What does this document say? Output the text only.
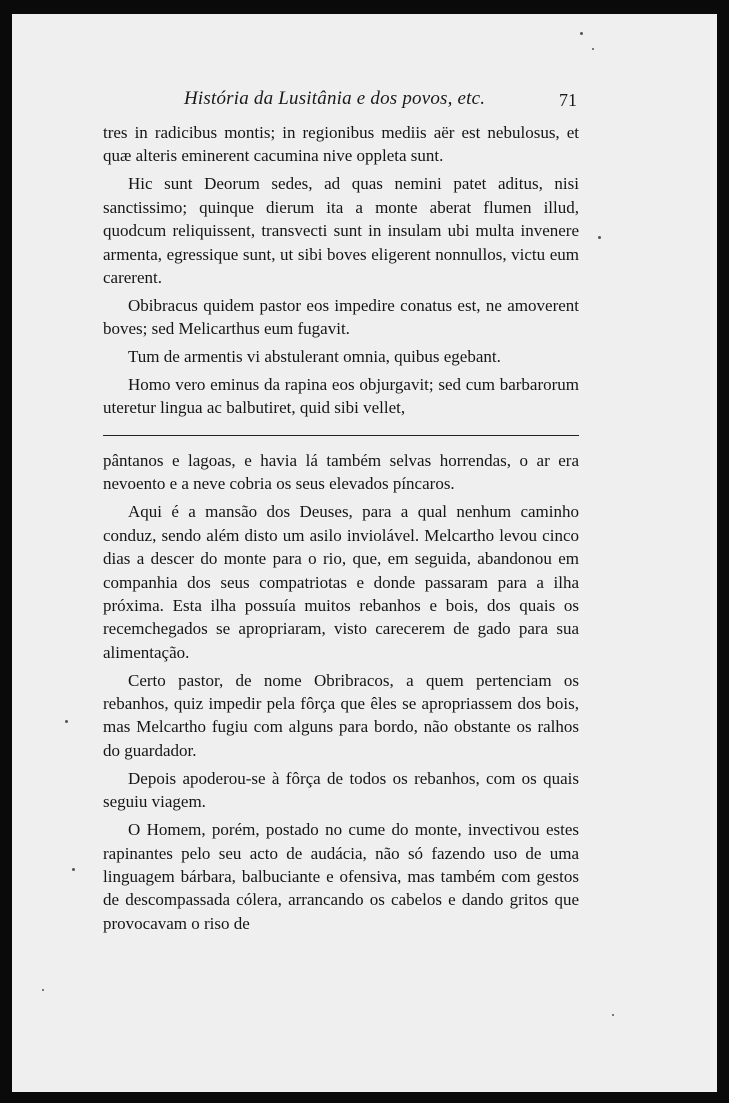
História da Lusitânia e dos povos, etc.	71

tres in radicibus montis; in regionibus mediis aër est nebulosus, et quæ alteris eminerent cacumina nive oppleta sunt.

Hic sunt Deorum sedes, ad quas nemini patet aditus, nisi sanctissimo; quinque dierum ita a monte aberat flumen illud, quodcum reliquissent, transvecti sunt in insulam ubi multa invenere armenta, egressique sunt, ut sibi boves eligerent nonnullos, victu eum carerent.

Obibracus quidem pastor eos impedire conatus est, ne amoverent boves; sed Melicarthus eum fugavit.

Tum de armentis vi abstulerant omnia, quibus egebant.

Homo vero eminus da rapina eos objurgavit; sed cum barbarorum uteretur lingua ac balbutiret, quid sibi vellet,

pântanos e lagoas, e havia lá também selvas horrendas, o ar era nevoento e a neve cobria os seus elevados píncaros.

Aqui é a mansão dos Deuses, para a qual nenhum caminho conduz, sendo além disto um asilo inviolável. Melcartho levou cinco dias a descer do monte para o rio, que, em seguida, abandonou em companhia dos seus compatriotas e donde passaram para a ilha próxima. Esta ilha possuía muitos rebanhos e bois, dos quais os recemchegados se apropriaram, visto carecerem de gado para sua alimentação.

Certo pastor, de nome Obribracos, a quem pertenciam os rebanhos, quiz impedir pela fôrça que êles se apropriassem dos bois, mas Melcartho fugiu com alguns para bordo, não obstante os ralhos do guardador.

Depois apoderou-se à fôrça de todos os rebanhos, com os quais seguiu viagem.

O Homem, porém, postado no cume do monte, invectivou estes rapinantes pelo seu acto de audácia, não só fazendo uso de uma linguagem bárbara, balbuciante e ofensiva, mas também com gestos de descompassada cólera, arrancando os cabelos e dando gritos que provocavam o riso de
